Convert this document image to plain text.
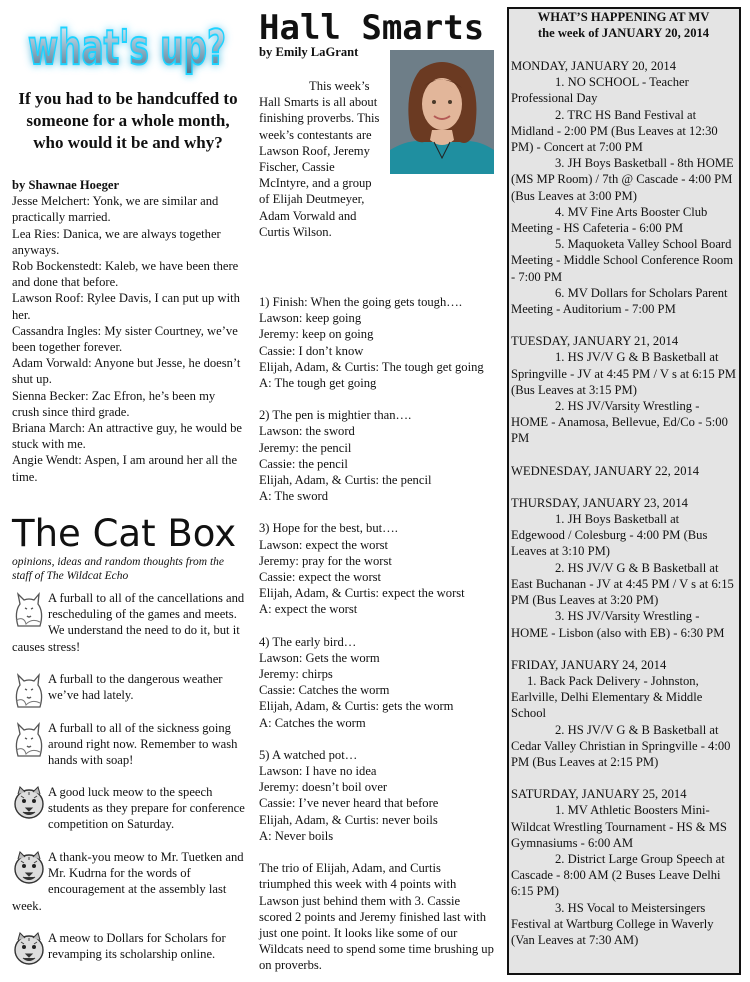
what's up?
If you had to be handcuffed to someone for a whole month, who would it be and why?

by Shawnae Hoeger

Jesse Melchert: Yonk, we are similar and practically married.

Lea Ries: Danica, we are always together anyways.

Rob Bockenstedt: Kaleb, we have been there and done that before.

Lawson Roof: Rylee Davis, I can put up with her.

Cassandra Ingles: My sister Courtney, we’ve been together forever.

Adam Vorwald: Anyone but Jesse, he doesn’t shut up.

Sienna Becker: Zac Efron, he’s been my crush since third grade.

Briana March: An attractive guy, he would be stuck with me.

Angie Wendt: Aspen, I am around her all the time.

The Cat Box
opinions, ideas and random thoughts from the staff of The Wildcat Echo

A furball to all of the cancellations and rescheduling of the games and meets. We understand the need to do it, but it causes stress!

A furball to the dangerous weather we’ve had lately.

A furball to all of the sickness going around right now. Remember to wash hands with soap!

A good luck meow to the speech students as they prepare for conference competition on Saturday.

A thank-you meow to Mr. Tuetken and Mr. Kudrna for the words of encouragement at the assembly last week.

A meow to Dollars for Scholars for revamping its scholarship online.

Hall Smarts
by Emily LaGrant

This week’s

Hall Smarts is all about finishing proverbs. This week’s contestants are Lawson Roof, Jeremy Fischer, Cassie McIntyre, and a group of Elijah Deutmeyer, Adam Vorwald and Curtis Wilson.

1) Finish: When the going gets tough….

Lawson: keep going

Jeremy: keep on going

Cassie: I don’t know

Elijah, Adam, & Curtis: The tough get going

A: The tough get going

2) The pen is mightier than….

Lawson: the sword

Jeremy: the pencil

Cassie: the pencil

Elijah, Adam, & Curtis: the pencil

A: The sword

3) Hope for the best, but….

Lawson: expect the worst

Jeremy: pray for the worst

Cassie: expect the worst

Elijah, Adam, & Curtis: expect the worst

A: expect the worst

4) The early bird…

Lawson: Gets the worm

Jeremy: chirps

Cassie: Catches the worm

Elijah, Adam, & Curtis: gets the worm

A: Catches the worm

5) A watched pot…

Lawson: I have no idea

Jeremy: doesn’t boil over

Cassie: I’ve never heard that before

Elijah, Adam, & Curtis: never boils

A: Never boils

The trio of Elijah, Adam, and Curtis triumphed this week with 4 points with Lawson just behind them with 3. Cassie scored 2 points and Jeremy finished last with just one point. It looks like some of our Wildcats need to spend some time brushing up on proverbs.

WHAT’S HAPPENING AT MV
the week of JANUARY 20, 2014

MONDAY, JANUARY 20, 2014

1. NO SCHOOL - Teacher Professional Day

2. TRC HS Band Festival at Midland - 2:00 PM (Bus Leaves at 12:30 PM) - Concert at 7:00 PM

3. JH Boys Basketball - 8th HOME (MS MP Room) / 7th @ Cascade - 4:00 PM (Bus Leaves at 3:00 PM)

4. MV Fine Arts Booster Club Meeting - HS Cafeteria - 6:00 PM

5. Maquoketa Valley School Board Meeting - Middle School Conference Room - 7:00 PM

6. MV Dollars for Scholars Parent Meeting - Auditorium - 7:00 PM

TUESDAY, JANUARY 21, 2014

1. HS JV/V G & B Basketball at Springville - JV at 4:45 PM / V s at 6:15 PM (Bus Leaves at 3:15 PM)

2. HS JV/Varsity Wrestling - HOME - Anamosa, Bellevue, Ed/Co - 5:00 PM

WEDNESDAY, JANUARY 22, 2014

THURSDAY, JANUARY 23, 2014

1. JH Boys Basketball at Edgewood / Colesburg - 4:00 PM (Bus Leaves at 3:10 PM)

2. HS JV/V G & B Basketball at East Buchanan - JV at 4:45 PM / V s at 6:15 PM (Bus Leaves at 3:20 PM)

3. HS JV/Varsity Wrestling - HOME - Lisbon (also with EB) - 6:30 PM

FRIDAY, JANUARY 24, 2014

1. Back Pack Delivery - Johnston, Earlville, Delhi Elementary & Middle School

2. HS JV/V G & B Basketball at Cedar Valley Christian in Springville - 4:00 PM (Bus Leaves at 2:15 PM)

SATURDAY, JANUARY 25, 2014

1. MV Athletic Boosters Mini-Wildcat Wrestling Tournament - HS & MS Gymnasiums - 6:00 AM

2. District Large Group Speech at Cascade - 8:00 AM (2 Buses Leave Delhi 6:15 PM)

3. HS Vocal to Meistersingers Festival at Wartburg College in Waverly (Van Leaves at 7:30 AM)
